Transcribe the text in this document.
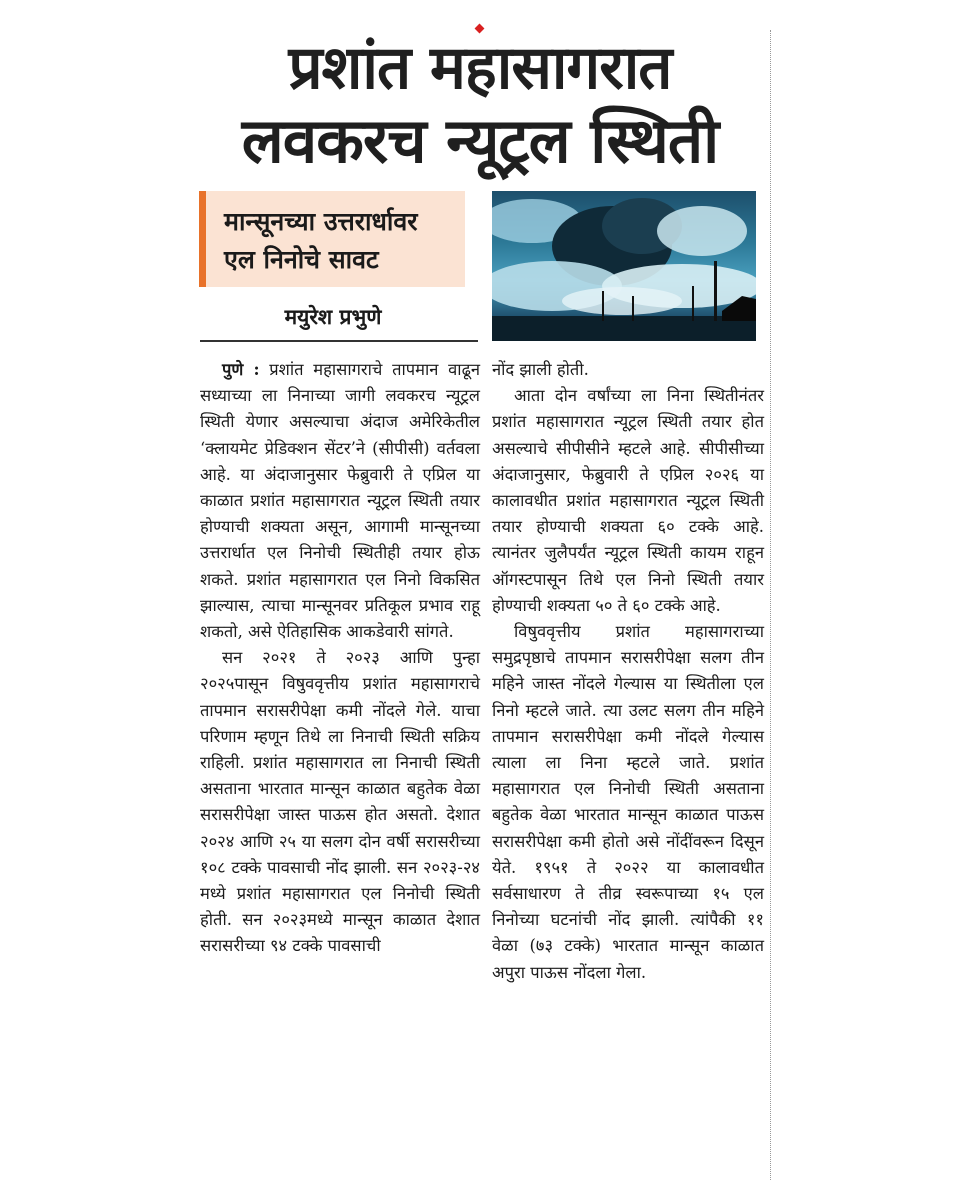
प्रशांत महासागरात
लवकरच न्यूट्रल स्थिती
मान्सूनच्या उत्तरार्धावर
एल निनोचे सावट
मयुरेश प्रभुणे

पुणे : प्रशांत महासागराचे तापमान वाढून सध्याच्या ला निनाच्या जागी लवकरच न्यूट्रल स्थिती येणार असल्याचा अंदाज अमेरिकेतील ‘क्लायमेट प्रेडिक्शन सेंटर’ने (सीपीसी) वर्तवला आहे. या अंदाजानुसार फेब्रुवारी ते एप्रिल या काळात प्रशांत महासागरात न्यूट्रल स्थिती तयार होण्याची शक्यता असून, आगामी मान्सूनच्या उत्तरार्धात एल निनोची स्थितीही तयार होऊ शकते. प्रशांत महासागरात एल निनो विकसित झाल्यास, त्याचा मान्सूनवर प्रतिकूल प्रभाव राहू शकतो, असे ऐतिहासिक आकडेवारी सांगते.

सन २०२१ ते २०२३ आणि पुन्हा २०२५पासून विषुववृत्तीय प्रशांत महासागराचे तापमान सरासरीपेक्षा कमी नोंदले गेले. याचा परिणाम म्हणून तिथे ला निनाची स्थिती सक्रिय राहिली. प्रशांत महासागरात ला निनाची स्थिती असताना भारतात मान्सून काळात बहुतेक वेळा सरासरीपेक्षा जास्त पाऊस होत असतो. देशात २०२४ आणि २५ या सलग दोन वर्षी सरासरीच्या १०८ टक्के पावसाची नोंद झाली. सन २०२३-२४ मध्ये प्रशांत महासागरात एल निनोची स्थिती होती. सन २०२३मध्ये मान्सून काळात देशात सरासरीच्या ९४ टक्के पावसाची

नोंद झाली होती.

आता दोन वर्षांच्या ला निना स्थितीनंतर प्रशांत महासागरात न्यूट्रल स्थिती तयार होत असल्याचे सीपीसीने म्हटले आहे. सीपीसीच्या अंदाजानुसार, फेब्रुवारी ते एप्रिल २०२६ या कालावधीत प्रशांत महासागरात न्यूट्रल स्थिती तयार होण्याची शक्यता ६० टक्के आहे. त्यानंतर जुलैपर्यंत न्यूट्रल स्थिती कायम राहून ऑगस्टपासून तिथे एल निनो स्थिती तयार होण्याची शक्यता ५० ते ६० टक्के आहे.

विषुववृत्तीय प्रशांत महासागराच्या समुद्रपृष्ठाचे तापमान सरासरीपेक्षा सलग तीन महिने जास्त नोंदले गेल्यास या स्थितीला एल निनो म्हटले जाते. त्या उलट सलग तीन महिने तापमान सरासरीपेक्षा कमी नोंदले गेल्यास त्याला ला निना म्हटले जाते. प्रशांत महासागरात एल निनोची स्थिती असताना बहुतेक वेळा भारतात मान्सून काळात पाऊस सरासरीपेक्षा कमी होतो असे नोंदींवरून दिसून येते. १९५१ ते २०२२ या कालावधीत सर्वसाधारण ते तीव्र स्वरूपाच्या १५ एल निनोच्या घटनांची नोंद झाली. त्यांपैकी ११ वेळा (७३ टक्के) भारतात मान्सून काळात अपुरा पाऊस नोंदला गेला.
